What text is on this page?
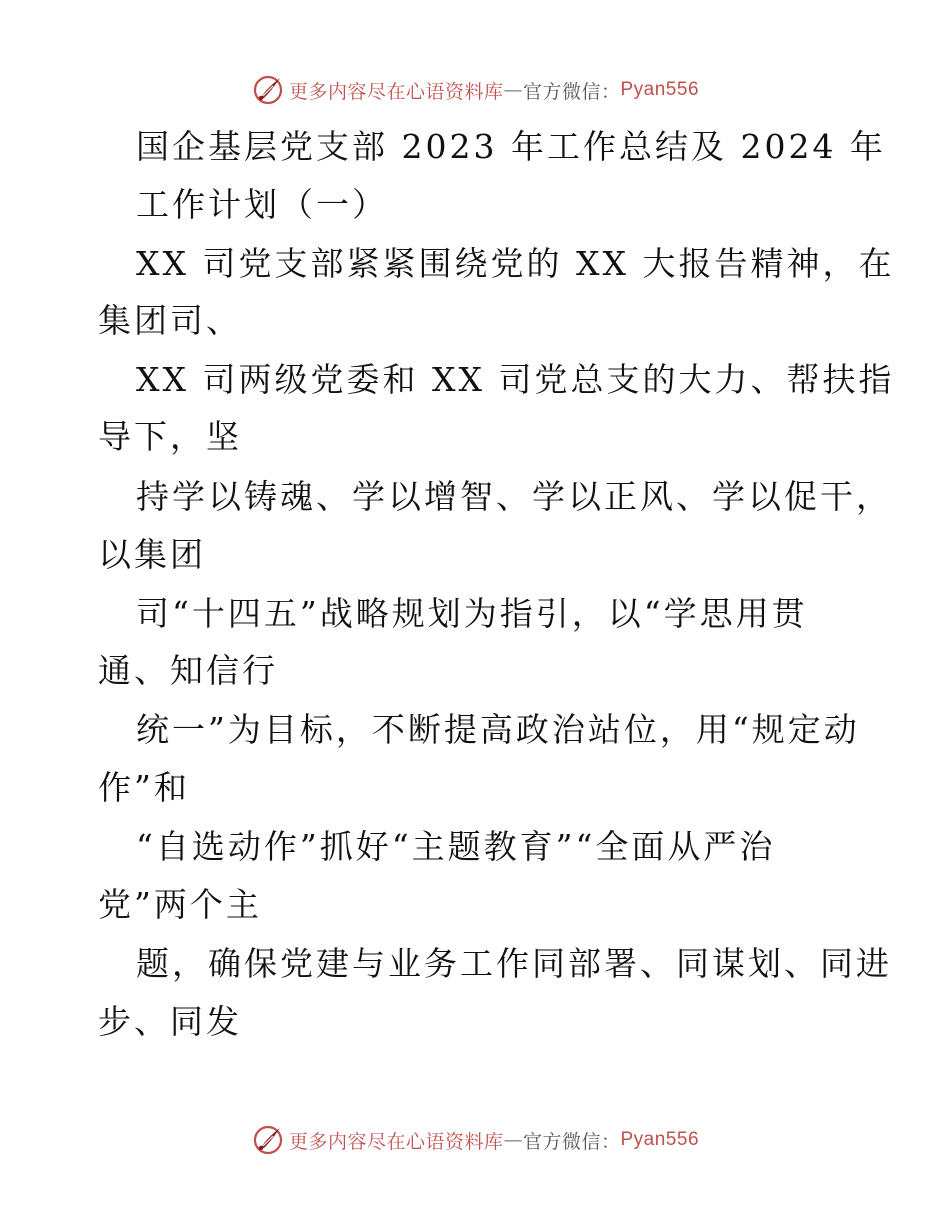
更多内容尽在心语资料库 — 官方微信： Pyan556
国企基层党支部 2023 年工作总结及 2024 年
工作计划（一）
XX 司党支部紧紧围绕党的 XX 大报告精神，在
集团司、
XX 司两级党委和 XX 司党总支的大力、帮扶指
导下，坚
持学以铸魂、学以增智、学以正风、学以促干，
以集团
司“十四五”战略规划为指引，以“学思用贯
通、知信行
统一”为目标，不断提高政治站位，用“规定动
作”和
“自选动作”抓好“主题教育”“全面从严治
党”两个主
题，确保党建与业务工作同部署、同谋划、同进
步、同发
更多内容尽在心语资料库 — 官方微信： Pyan556
